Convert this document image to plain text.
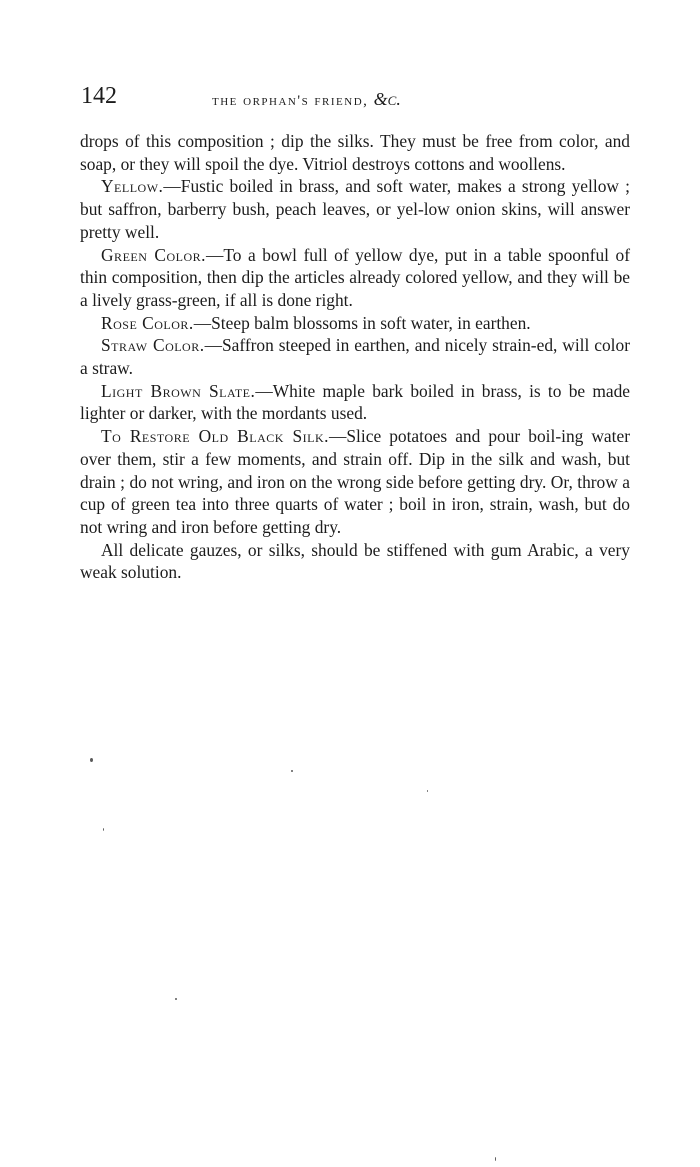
142	the orphan's friend, &c.

drops of this composition ; dip the silks. They must be free from color, and soap, or they will spoil the dye. Vitriol destroys cottons and woollens.

Yellow.—Fustic boiled in brass, and soft water, makes a strong yellow ; but saffron, barberry bush, peach leaves, or yel-low onion skins, will answer pretty well.

Green Color.—To a bowl full of yellow dye, put in a table spoonful of thin composition, then dip the articles already colored yellow, and they will be a lively grass-green, if all is done right.

Rose Color.—Steep balm blossoms in soft water, in earthen.

Straw Color.—Saffron steeped in earthen, and nicely strain-ed, will color a straw.

Light Brown Slate.—White maple bark boiled in brass, is to be made lighter or darker, with the mordants used.

To Restore Old Black Silk.—Slice potatoes and pour boil-ing water over them, stir a few moments, and strain off. Dip in the silk and wash, but drain ; do not wring, and iron on the wrong side before getting dry. Or, throw a cup of green tea into three quarts of water ; boil in iron, strain, wash, but do not wring and iron before getting dry.

All delicate gauzes, or silks, should be stiffened with gum Arabic, a very weak solution.
